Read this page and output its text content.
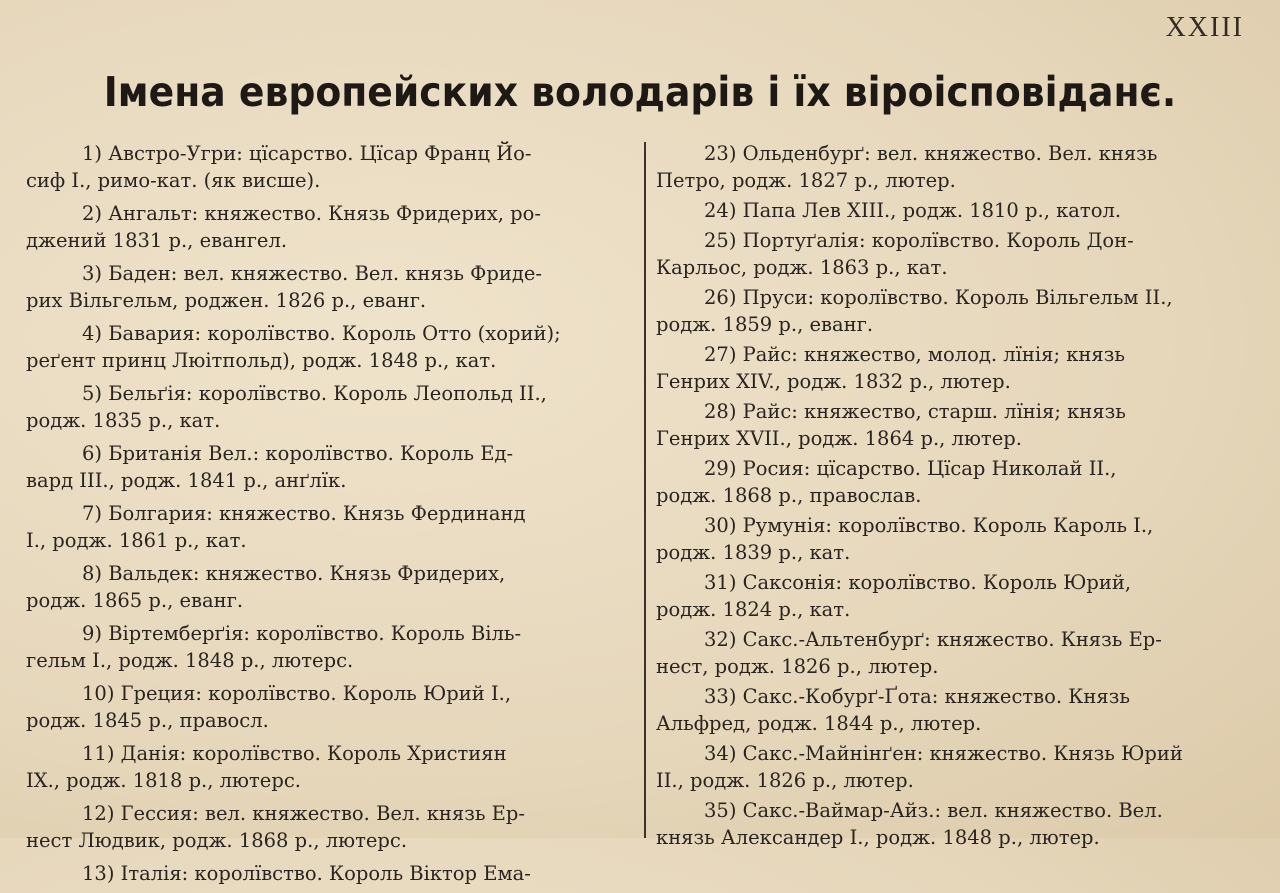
XXIII
Імена европейских володарів і їх віроісповіданє.
1) Австро-Угри: цїсарство. Цїсар Франц Йо-
сиф І., римо-кат. (як висше).
2) Ангальт: княжество. Князь Фридерих, ро-
джений 1831 р., евангел.
3) Баден: вел. княжество. Вел. князь Фриде-
рих Вільгельм, роджен. 1826 р., еванг.
4) Бавария: королївство. Король Отто (хорий);
реґент принц Люітпольд), родж. 1848 р., кат.
5) Бельґія: королївство. Король Леопольд II.,
родж. 1835 р., кат.
6) Британія Вел.: королївство. Король Ед-
вард III., родж. 1841 р., анґлїк.
7) Болгария: княжество. Князь Фердинанд
І., родж. 1861 р., кат.
8) Вальдек: княжество. Князь Фридерих,
родж. 1865 р., еванг.
9) Віртемберґія: королївство. Король Віль-
гельм І., родж. 1848 р., лютерс.
10) Греция: королївство. Король Юрий І.,
родж. 1845 р., правосл.
11) Данія: королївство. Король Християн
IX., родж. 1818 р., лютерс.
12) Гессия: вел. княжество. Вел. князь Ер-
нест Людвик, родж. 1868 р., лютерс.
13) Італія: королївство. Король Віктор Ема-
23) Ольденбурґ: вел. княжество. Вел. князь
Петро, родж. 1827 р., лютер.
24) Папа Лев XIII., родж. 1810 р., катол.
25) Портуґалія: королївство. Король Дон-
Карльос, родж. 1863 р., кат.
26) Пруси: королївство. Король Вільгельм II.,
родж. 1859 р., еванг.
27) Райс: княжество, молод. лїнія; князь
Генрих XIV., родж. 1832 р., лютер.
28) Райс: княжество, старш. лїнія; князь
Генрих XVII., родж. 1864 р., лютер.
29) Росия: цїсарство. Цїсар Николай II.,
родж. 1868 р., православ.
30) Румунія: королївство. Король Кароль І.,
родж. 1839 р., кат.
31) Саксонія: королївство. Король Юрий,
родж. 1824 р., кат.
32) Сакс.-Альтенбурґ: княжество. Князь Ер-
нест, родж. 1826 р., лютер.
33) Сакс.-Кобурґ-Ґота: княжество. Князь
Альфред, родж. 1844 р., лютер.
34) Сакс.-Майнінґен: княжество. Князь Юрий
II., родж. 1826 р., лютер.
35) Сакс.-Ваймар-Айз.: вел. княжество. Вел.
князь Александер І., родж. 1848 р., лютер.
